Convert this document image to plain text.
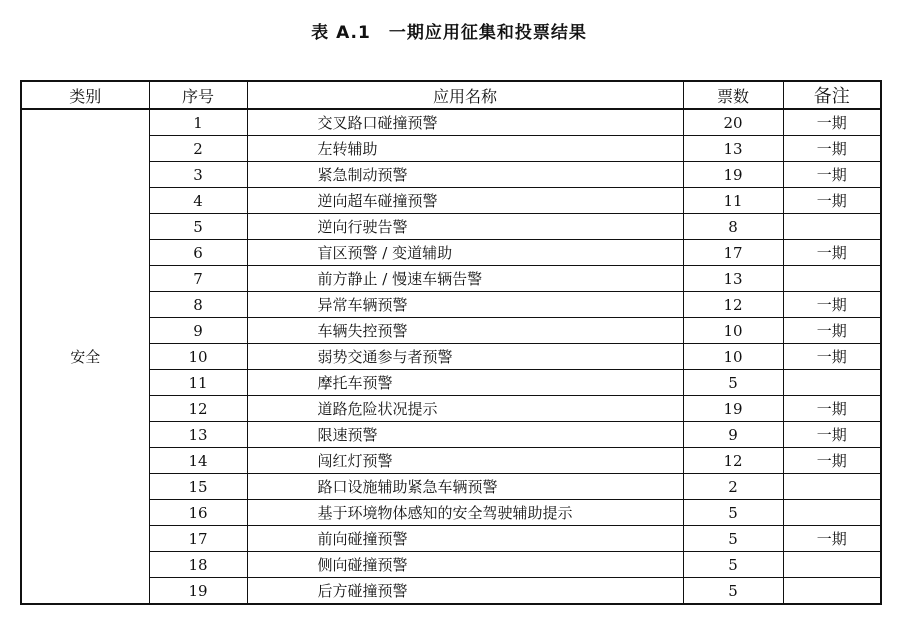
表 A.1　一期应用征集和投票结果
类别	序号	应用名称	票数	备注
安全	1	交叉路口碰撞预警	20	一期
	2	左转辅助	13	一期
	3	紧急制动预警	19	一期
	4	逆向超车碰撞预警	11	一期
	5	逆向行驶告警	8	
	6	盲区预警 / 变道辅助	17	一期
	7	前方静止 / 慢速车辆告警	13	
	8	异常车辆预警	12	一期
	9	车辆失控预警	10	一期
	10	弱势交通参与者预警	10	一期
	11	摩托车预警	5	
	12	道路危险状况提示	19	一期
	13	限速预警	9	一期
	14	闯红灯预警	12	一期
	15	路口设施辅助紧急车辆预警	2	
	16	基于环境物体感知的安全驾驶辅助提示	5	
	17	前向碰撞预警	5	一期
	18	侧向碰撞预警	5	
	19	后方碰撞预警	5	
